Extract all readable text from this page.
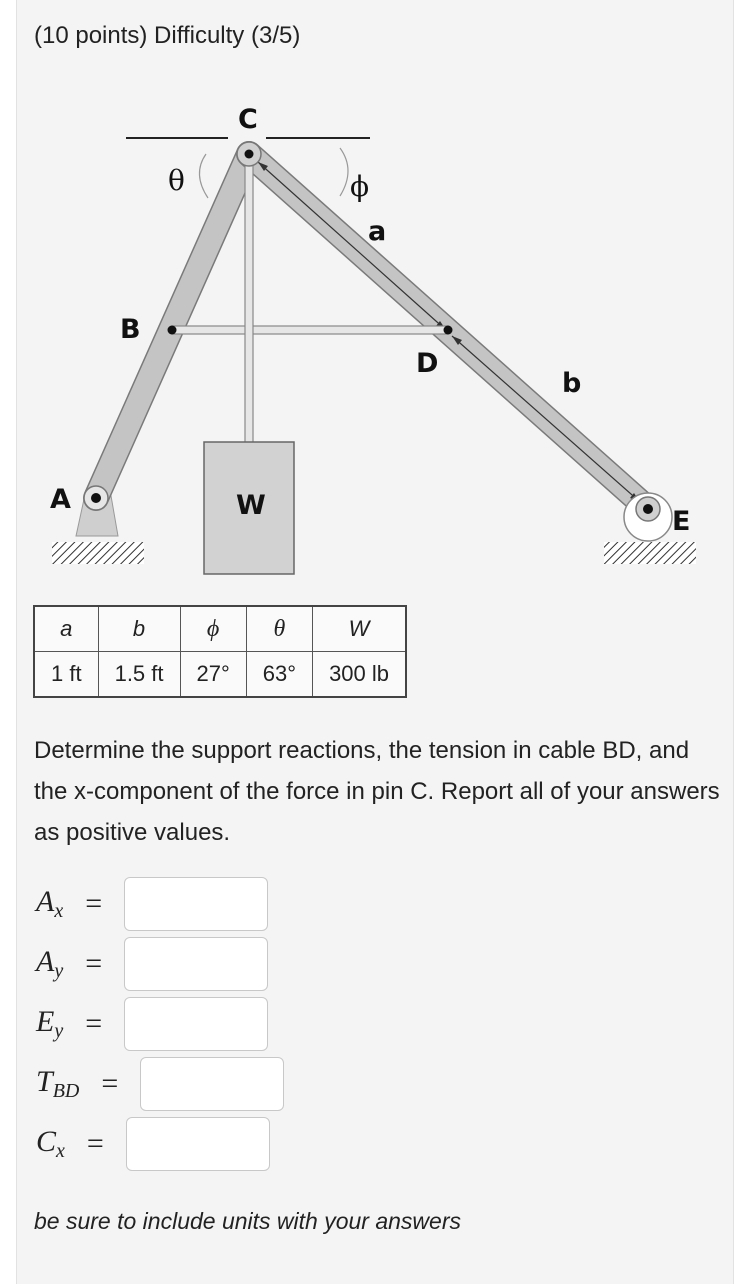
(10 points) Difficulty (3/5)
C
B
D
A
E
W
a
b
θ	ϕ
a	b	ϕ	θ	W
1 ft	1.5 ft	27°	63°	300 lb
Determine the support reactions, the tension in cable BD, and the x-component of the force in pin C. Report all of your answers as positive values.
$A_x$ =
$A_y$ =
$E_y$ =
$T_{BD}$ =
$C_x$ =
be sure to include units with your answers
